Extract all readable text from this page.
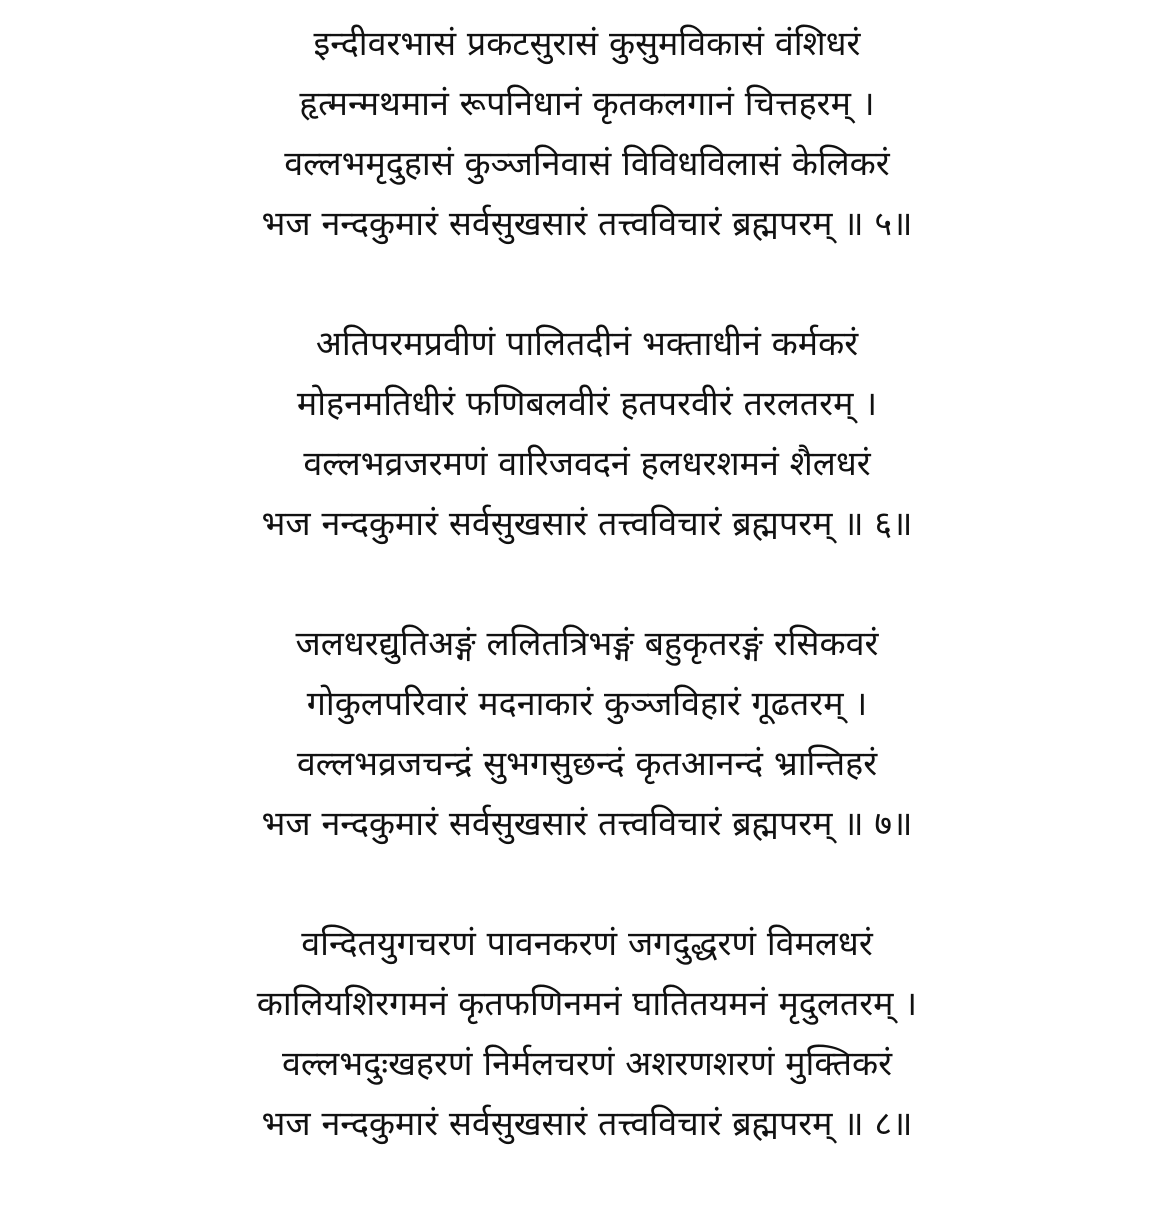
इन्दीवरभासं प्रकटसुरासं कुसुमविकासं वंशिधरं
हृत्मन्मथमानं रूपनिधानं कृतकलगानं चित्तहरम् ।
वल्लभमृदुहासं कुञ्जनिवासं विविधविलासं केलिकरं
भज नन्दकुमारं सर्वसुखसारं तत्त्वविचारं ब्रह्मपरम् ॥ ५॥
अतिपरमप्रवीणं पालितदीनं भक्ताधीनं कर्मकरं
मोहनमतिधीरं फणिबलवीरं हतपरवीरं तरलतरम् ।
वल्लभव्रजरमणं वारिजवदनं हलधरशमनं शैलधरं
भज नन्दकुमारं सर्वसुखसारं तत्त्वविचारं ब्रह्मपरम् ॥ ६॥
जलधरद्युतिअङ्गं ललितत्रिभङ्गं बहुकृतरङ्गं रसिकवरं
गोकुलपरिवारं मदनाकारं कुञ्जविहारं गूढतरम् ।
वल्लभव्रजचन्द्रं सुभगसुछन्दं कृतआनन्दं भ्रान्तिहरं
भज नन्दकुमारं सर्वसुखसारं तत्त्वविचारं ब्रह्मपरम् ॥ ७॥
वन्दितयुगचरणं पावनकरणं जगदुद्धरणं विमलधरं
कालियशिरगमनं कृतफणिनमनं घातितयमनं मृदुलतरम् ।
वल्लभदुःखहरणं निर्मलचरणं अशरणशरणं मुक्तिकरं
भज नन्दकुमारं सर्वसुखसारं तत्त्वविचारं ब्रह्मपरम् ॥ ८॥
